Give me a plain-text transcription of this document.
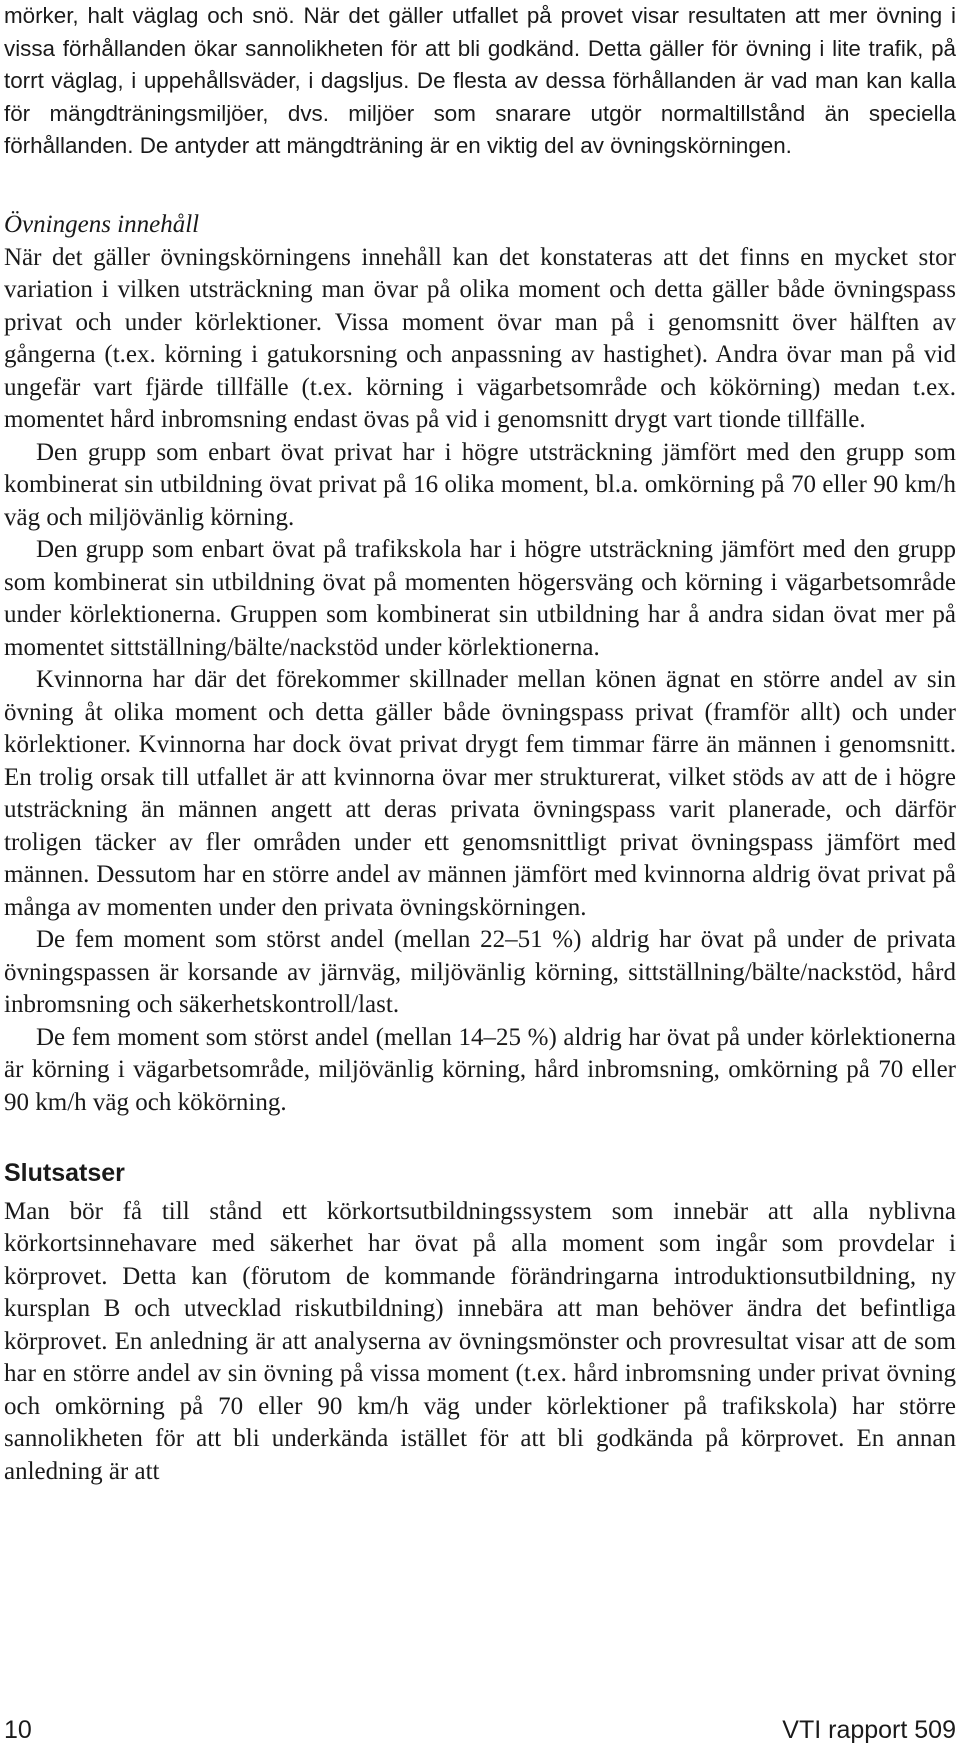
mörker, halt väglag och snö. När det gäller utfallet på provet visar resultaten att mer övning i vissa förhållanden ökar sannolikheten för att bli godkänd. Detta gäller för övning i lite trafik, på torrt väglag, i uppehållsväder, i dagsljus. De flesta av dessa förhållanden är vad man kan kalla för mängdträningsmiljöer, dvs. miljöer som snarare utgör normaltillstånd än speciella förhållanden. De antyder att mängdträning är en viktig del av övningskörningen.

Övningens innehåll

När det gäller övningskörningens innehåll kan det konstateras att det finns en mycket stor variation i vilken utsträckning man övar på olika moment och detta gäller både övningspass privat och under körlektioner. Vissa moment övar man på i genomsnitt över hälften av gångerna (t.ex. körning i gatukorsning och anpassning av hastighet). Andra övar man på vid ungefär vart fjärde tillfälle (t.ex. körning i vägarbetsområde och kökörning) medan t.ex. momentet hård inbromsning endast övas på vid i genomsnitt drygt vart tionde tillfälle.

Den grupp som enbart övat privat har i högre utsträckning jämfört med den grupp som kombinerat sin utbildning övat privat på 16 olika moment, bl.a. omkörning på 70 eller 90 km/h väg och miljövänlig körning.

Den grupp som enbart övat på trafikskola har i högre utsträckning jämfört med den grupp som kombinerat sin utbildning övat på momenten högersväng och körning i vägarbetsområde under körlektionerna. Gruppen som kombinerat sin utbildning har å andra sidan övat mer på momentet sittställning/bälte/nackstöd under körlektionerna.

Kvinnorna har där det förekommer skillnader mellan könen ägnat en större andel av sin övning åt olika moment och detta gäller både övningspass privat (framför allt) och under körlektioner. Kvinnorna har dock övat privat drygt fem timmar färre än männen i genomsnitt. En trolig orsak till utfallet är att kvinnorna övar mer strukturerat, vilket stöds av att de i högre utsträckning än männen angett att deras privata övningspass varit planerade, och därför troligen täcker av fler områden under ett genomsnittligt privat övningspass jämfört med männen. Dessutom har en större andel av männen jämfört med kvinnorna aldrig övat privat på många av momenten under den privata övningskörningen.

De fem moment som störst andel (mellan 22–51 %) aldrig har övat på under de privata övningspassen är korsande av järnväg, miljövänlig körning, sittställning/bälte/nackstöd, hård inbromsning och säkerhetskontroll/last.

De fem moment som störst andel (mellan 14–25 %) aldrig har övat på under körlektionerna är körning i vägarbetsområde, miljövänlig körning, hård inbromsning, omkörning på 70 eller 90 km/h väg och kökörning.

Slutsatser

Man bör få till stånd ett körkortsutbildningssystem som innebär att alla nyblivna körkortsinnehavare med säkerhet har övat på alla moment som ingår som provdelar i körprovet. Detta kan (förutom de kommande förändringarna introduktionsutbildning, ny kursplan B och utvecklad riskutbildning) innebära att man behöver ändra det befintliga körprovet. En anledning är att analyserna av övningsmönster och provresultat visar att de som har en större andel av sin övning på vissa moment (t.ex. hård inbromsning under privat övning och omkörning på 70 eller 90 km/h väg under körlektioner på trafikskola) har större sannolikheten för att bli underkända istället för att bli godkända på körprovet. En annan anledning är att

10	VTI rapport 509
